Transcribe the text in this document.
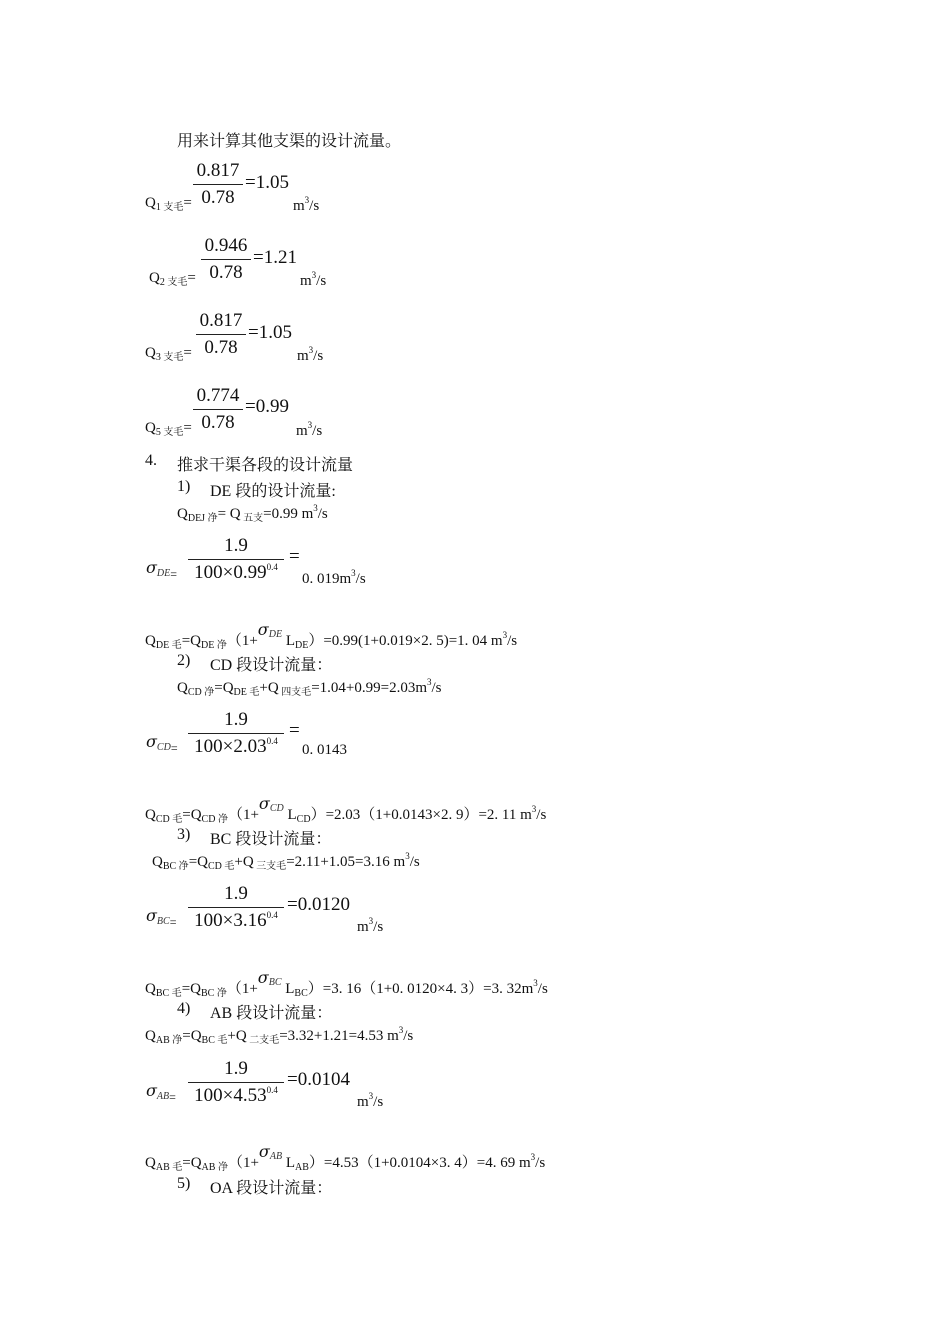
用来计算其他支渠的设计流量。
$Q_{1 支毛}=$
0.817
0.78
=1.05
$m^3/s$
$Q_{2 支毛}=$
0.946
0.78
=1.21
$m^3/s$
$Q_{3 支毛}=$
0.817
0.78
=1.05
$m^3/s$
$Q_{5 支毛}=$
0.774
0.78
=0.99
$m^3/s$
4. 推求干渠各段的设计流量
1) DE 段的设计流量:
$Q_{DEJ 净}= Q$ $_{五支}$=0.99 $m^3/s$
σDE$_=$
1.9
$100\times 0.99^{0.4}$ =
0. $019m^3/s$
$Q_{DE 毛}=Q_{DE 净}(1+\sigma^{DE}$ $L_{DE})=0.99(1+0.019\times 2$. 5)=1. 04 $m^3/s$
2) CD 段设计流量：
$Q_{CD 净}=Q_{DE 毛}+Q$ $_{四支毛}=1.04+0.99=2.03m^3/s$
σCD$_=$
1.9
$100\times 2.03^{0.4}$ =
0. 0143
$Q_{CD 毛}=Q_{CD 净}(1+\sigma^{CD}$ $L_{CD})=2.03(1+0.0143\times 2$. 9）=2. 11 $m^3/s$
3) BC 段设计流量：
$Q_{BC 净}=Q_{CD 毛}+Q$ $_{三支毛}$=2.11+1.05=3.16 $m^3/s$
σBC$_=$
1.9
$100\times 3.16^{0.4} =0.0120$
$m^3/s$
$Q_{BC 毛}=Q_{BC 净}(1+\sigma^{BC}$ $L_{BC})=3$. 16（1+0. 0120×4. 3）=3. $32m^3/s$
4) AB 段设计流量：
$Q_{AB 净}=Q_{BC 毛}+Q$ $_{二支毛}$=3.32+1.21=4.53 $m^3/s$
σAB$_=$
1.9
$100\times 4.53^{0.4} =0.0104$
$m^3/s$
$Q_{AB 毛}=Q_{AB 净}(1+\sigma^{AB}$ $L_{AB})=4.53(1+0.0104\times 3$. 4）=4. 69 $m^3/s$
5) OA 段设计流量：
